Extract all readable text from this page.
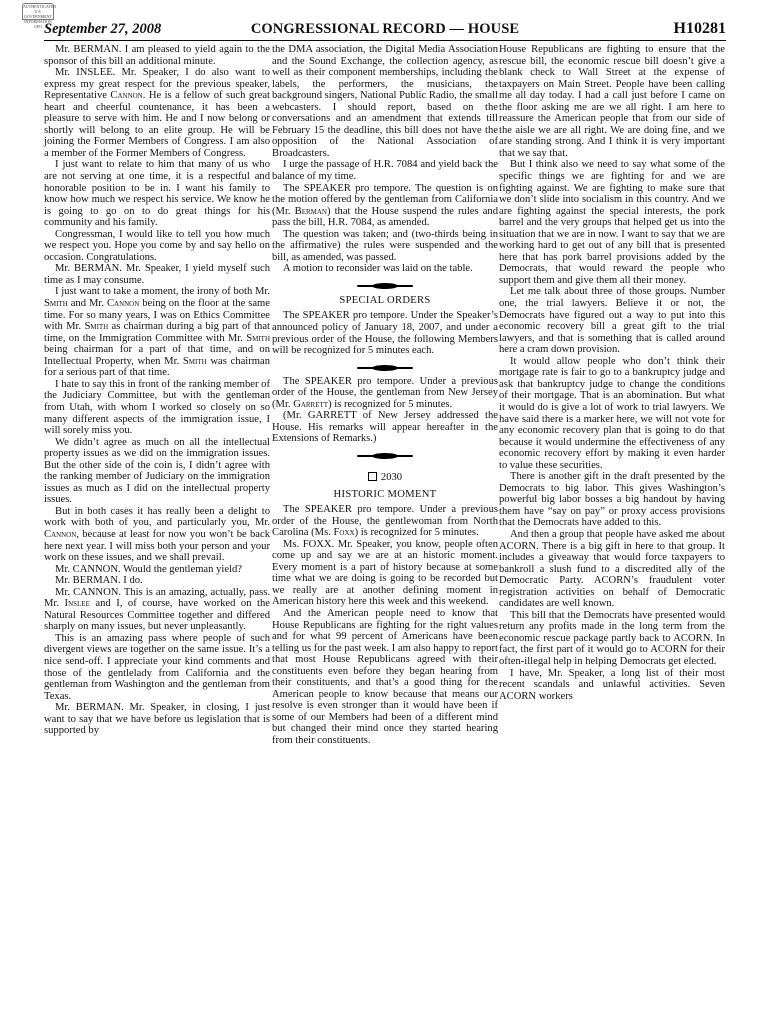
AUTHENTICATED U.S. GOVERNMENT INFORMATION GPO September 27, 2008	CONGRESSIONAL RECORD — HOUSE	H10281

Mr. BERMAN. I am pleased to yield again to the sponsor of this bill an additional minute.

Mr. INSLEE. Mr. Speaker, I do also want to express my great respect for the previous speaker, Representative Cannon. He is a fellow of such great heart and cheerful countenance, it has been a pleasure to serve with him. He and I now belong or shortly will belong to an elite group. He will be joining the Former Members of Congress. I am also a member of the Former Members of Congress.

I just want to relate to him that many of us who are not serving at one time, it is a respectful and honorable position to be in. I want his family to know how much we respect his service. We know he is going to go on to do great things for his community and his family.

Congressman, I would like to tell you how much we respect you. Hope you come by and say hello on occasion. Congratulations.

Mr. BERMAN. Mr. Speaker, I yield myself such time as I may consume.

I just want to take a moment, the irony of both Mr. Smith and Mr. Cannon being on the floor at the same time. For so many years, I was on Ethics Committee with Mr. Smith as chairman during a big part of that time, on the Immigration Committee with Mr. Smith being chairman for a part of that time, and on Intellectual Property, when Mr. Smith was chairman for a serious part of that time.

I hate to say this in front of the ranking member of the Judiciary Committee, but with the gentleman from Utah, with whom I worked so closely on so many different aspects of the immigration issue, I will sorely miss you.

We didn’t agree as much on all the intellectual property issues as we did on the immigration issues. But the other side of the coin is, I didn’t agree with the ranking member of Judiciary on the immigration issues as much as I did on the intellectual property issues.

But in both cases it has really been a delight to work with both of you, and particularly you, Mr. Cannon, because at least for now you won’t be back here next year. I will miss both your person and your work on these issues, and we shall prevail.

Mr. CANNON. Would the gentleman yield?

Mr. BERMAN. I do.

Mr. CANNON. This is an amazing, actually, pass. Mr. Inslee and I, of course, have worked on the Natural Resources Committee together and differed sharply on many issues, but never unpleasantly.

This is an amazing pass where people of such divergent views are together on the same issue. It’s a nice send-off. I appreciate your kind comments and those of the gentlelady from California and the gentleman from Washington and the gentleman from Texas.

Mr. BERMAN. Mr. Speaker, in closing, I just want to say that we have before us legislation that is supported by

the DMA association, the Digital Media Association and the Sound Exchange, the collection agency, as well as their component memberships, including the labels, the performers, the musicians, the background singers, National Public Radio, the small webcasters. I should report, based on the conversations and an amendment that extends till February 15 the deadline, this bill does not have the opposition of the National Association of Broadcasters.

I urge the passage of H.R. 7084 and yield back the balance of my time.

The SPEAKER pro tempore. The question is on the motion offered by the gentleman from California (Mr. Berman) that the House suspend the rules and pass the bill, H.R. 7084, as amended.

The question was taken; and (two-thirds being in the affirmative) the rules were suspended and the bill, as amended, was passed.

A motion to reconsider was laid on the table.

SPECIAL ORDERS

The SPEAKER pro tempore. Under the Speaker’s announced policy of January 18, 2007, and under a previous order of the House, the following Members will be recognized for 5 minutes each.

The SPEAKER pro tempore. Under a previous order of the House, the gentleman from New Jersey (Mr. Garrett) is recognized for 5 minutes.

(Mr. GARRETT of New Jersey addressed the House. His remarks will appear hereafter in the Extensions of Remarks.)

2030

HISTORIC MOMENT

The SPEAKER pro tempore. Under a previous order of the House, the gentlewoman from North Carolina (Ms. Foxx) is recognized for 5 minutes.

Ms. FOXX. Mr. Speaker, you know, people often come up and say we are at an historic moment. Every moment is a part of history because at some time what we are doing is going to be recorded but we really are at another defining moment in American history here this week and this weekend.

And the American people need to know that House Republicans are fighting for the right values and for what 99 percent of Americans have been telling us for the past week. I am also happy to report that most House Republicans agreed with their constituents even before they began hearing from their constituents, and that’s a good thing for the American people to know because that means our resolve is even stronger than it would have been if some of our Members had been of a different mind but changed their mind once they started hearing from their constituents.

House Republicans are fighting to ensure that the rescue bill, the economic rescue bill doesn’t give a blank check to Wall Street at the expense of taxpayers on Main Street. People have been calling me all day today. I had a call just before I came on the floor asking me are we all right. I am here to reassure the American people that from our side of the aisle we are all right. We are doing fine, and we are standing strong. And I think it is very important that we say that.

But I think also we need to say what some of the specific things we are fighting for and we are fighting against. We are fighting to make sure that we don’t slide into socialism in this country. And we are fighting against the special interests, the pork barrel and the very groups that helped get us into the situation that we are in now. I want to say that we are working hard to get out of any bill that is presented here that has pork barrel provisions added by the Democrats, that would reward the people who support them and give them all their money.

Let me talk about three of those groups. Number one, the trial lawyers. Believe it or not, the Democrats have figured out a way to put into this economic recovery bill a great gift to the trial lawyers, and that is something that is called around here a cram down provision.

It would allow people who don’t think their mortgage rate is fair to go to a bankruptcy judge and ask that bankruptcy judge to change the conditions of their mortgage. That is an abomination. But what it would do is give a lot of work to trial lawyers. We have said there is a marker here, we will not vote for any economic recovery plan that is going to do that because it would undermine the effectiveness of any economic recovery effort by making it even harder to value these securities.

There is another gift in the draft presented by the Democrats to big labor. This gives Washington’s powerful big labor bosses a big handout by having them have “say on pay” or proxy access provisions that the Democrats have added to this.

And then a group that people have asked me about ACORN. There is a big gift in here to that group. It includes a giveaway that would force taxpayers to bankroll a slush fund to a discredited ally of the Democratic Party. ACORN’s fraudulent voter registration activities on behalf of Democratic candidates are well known.

This bill that the Democrats have presented would return any profits made in the long term from the economic rescue package partly back to ACORN. In fact, the first part of it would go to ACORN for their often-illegal help in helping Democrats get elected.

I have, Mr. Speaker, a long list of their most recent scandals and unlawful activities. Seven ACORN workers
